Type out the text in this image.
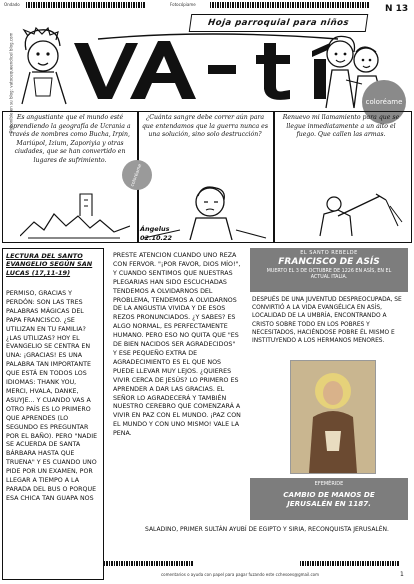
Ondado	Fotocópiame
Hoja parroquial para niños
N 13
Disponible en su blog: vatocequeendicel blog.com	coloréame
Es angustiante que el mundo esté aprendiendo la geografía de Ucrania a través de nombres como Bucha, Irpin, Mariúpol, Izium, Zaporiyia y otras ciudades, que se han convertido en lugares de sufrimiento.
¿Cuánta sangre debe correr aún para que entendamos que la guerra nunca es una solución, sino solo destrucción?
Renuevo mi llamamiento para que se llegue inmediatamente a un alto el fuego. Que callen las armas.
coloréame
Ángelus
02.10.22
LECTURA DEL SANTO EVANGELIO SEGÚN SAN LUCAS (17,11-19)
PERMISO, GRACIAS Y PERDÓN: SON LAS TRES PALABRAS MÁGICAS DEL PAPA FRANCISCO. ¿SE UTILIZAN EN TU FAMILIA? ¿LAS UTILIZAS? HOY EL EVANGELIO SE CENTRA EN UNA: ¡GRACIAS! ES UNA PALABRA TAN IMPORTANTE QUE ESTÁ EN TODOS LOS IDIOMAS: THANK YOU, MERCI, HVALA, DANKE, ASUYJE... Y CUANDO VAS A OTRO PAÍS ES LO PRIMERO QUE APRENDES (LO SEGUNDO ES PREGUNTAR POR EL BAÑO). PERO "NADIE SE ACUERDA DE SANTA BÁRBARA HASTA QUE TRUENA" Y ES CUANDO UNO PIDE POR UN EXAMEN, POR LLEGAR A TIEMPO A LA PARADA DEL BUS O PORQUE ESA CHICA TAN GUAPA NOS
PRESTE ATENCIÓN CUANDO UNO REZA CON FERVOR. "¡POR FAVOR, DIOS MÍO!", Y CUANDO SENTIMOS QUE NUESTRAS PLEGARIAS HAN SIDO ESCUCHADAS TENDEMOS A OLVIDARNOS DEL PROBLEMA, TENDEMOS A OLVIDARNOS DE LA ANGUSTIA VIVIDA Y DE ESOS REZOS PRONUNCIADOS. ¿Y SABES? ES ALGO NORMAL, ES PERFECTAMENTE HUMANO. PERO ESO NO QUITA QUE "ES DE BIEN NACIDOS SER AGRADECIDOS" Y ESE PEQUEÑO EXTRA DE AGRADECIMIENTO ES EL QUE NOS PUEDE LLEVAR MUY LEJOS. ¿QUIERES VIVIR CERCA DE JESÚS? LO PRIMERO ES APRENDER A DAR LAS GRACIAS. EL SEÑOR LO AGRADECERÁ Y TAMBIÉN NUESTRO CEREBRO QUE COMENZARÁ A VIVIR EN PAZ CON EL MUNDO. ¡PAZ CON EL MUNDO Y CON UNO MISMO! VALE LA PENA.
EL SANTO REBELDE
FRANCISCO DE ASÍS
MUERTO EL 3 DE OCTUBRE DE 1226 EN ASÍS, EN EL ACTUAL ITALIA.
DESPUÉS DE UNA JUVENTUD DESPREOCUPADA, SE CONVIRTIÓ A LA VIDA EVANGÉLICA EN ASÍS, LOCALIDAD DE LA UMBRÍA, ENCONTRANDO A CRISTO SOBRE TODO EN LOS POBRES Y NECESITADOS, HACIÉNDOSE POBRE ÉL MISMO E INSTITUYENDO A LOS HERMANOS MENORES.
EFEMÉRIDE
CAMBIO DE MANOS DE JERUSALÉN EN 1187.
SALADINO, PRIMER SULTÁN AYUBÍ DE EGIPTO Y SIRIA, RECONQUISTA JERUSALÉN.
comentarios o ayuda con papel para pagar fuzando este cchesoes@gmail.com	1
